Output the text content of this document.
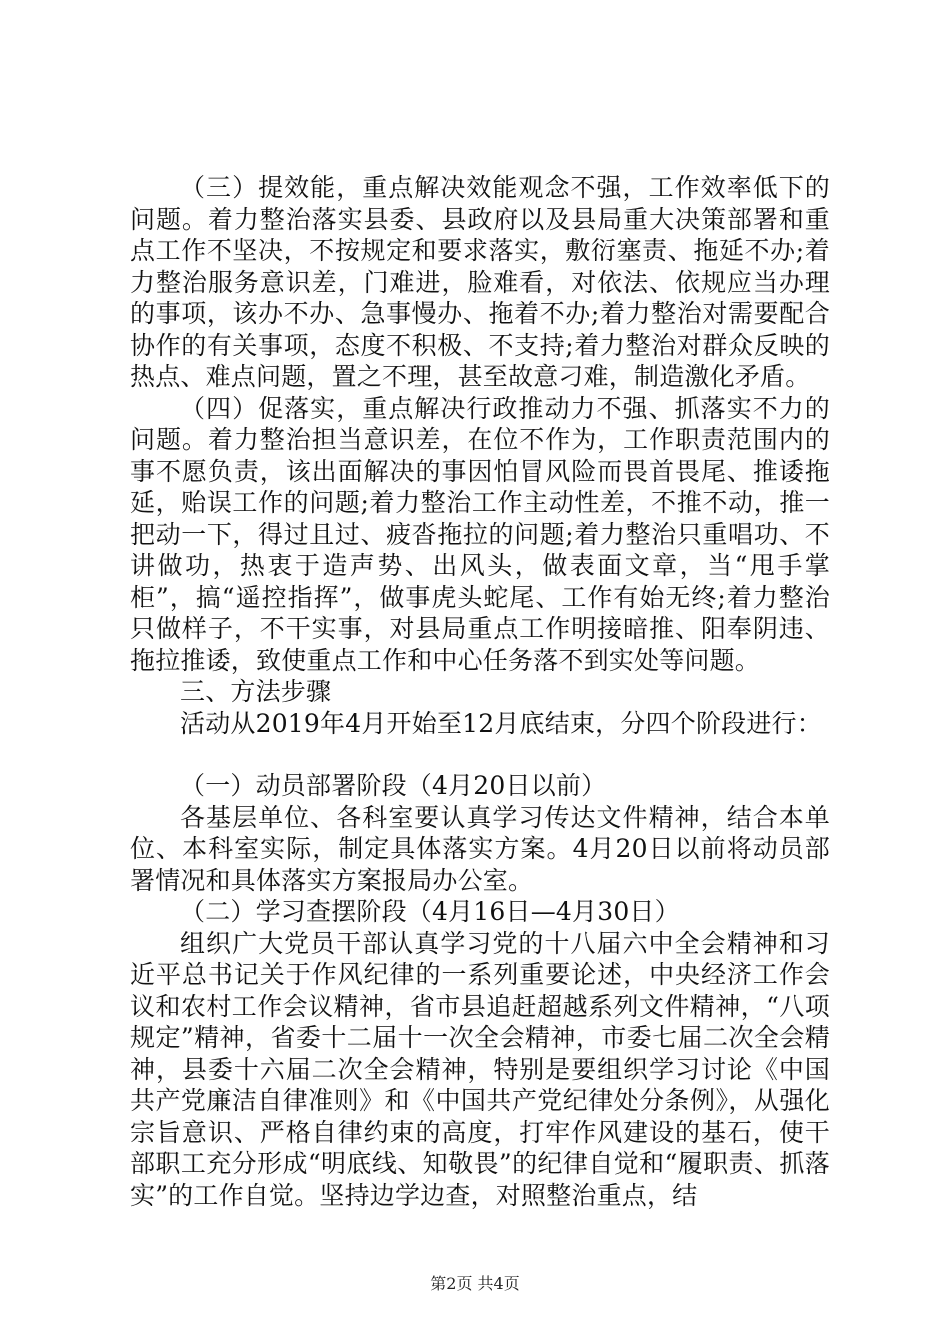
（三）提效能，重点解决效能观念不强，工作效率低下的问题。着力整治落实县委、县政府以及县局重大决策部署和重点工作不坚决，不按规定和要求落实，敷衍塞责、拖延不办;着力整治服务意识差，门难进，脸难看，对依法、依规应当办理的事项，该办不办、急事慢办、拖着不办;着力整治对需要配合协作的有关事项，态度不积极、不支持;着力整治对群众反映的热点、难点问题，置之不理，甚至故意刁难，制造激化矛盾。

（四）促落实，重点解决行政推动力不强、抓落实不力的问题。着力整治担当意识差，在位不作为，工作职责范围内的事不愿负责，该出面解决的事因怕冒风险而畏首畏尾、推诿拖延，贻误工作的问题;着力整治工作主动性差，不推不动，推一把动一下，得过且过、疲沓拖拉的问题;着力整治只重唱功、不讲做功，热衷于造声势、出风头，做表面文章，当“甩手掌柜”，搞“遥控指挥”，做事虎头蛇尾、工作有始无终;着力整治只做样子，不干实事，对县局重点工作明接暗推、阳奉阴违、拖拉推诿，致使重点工作和中心任务落不到实处等问题。

三、方法步骤

活动从2019年4月开始至12月底结束，分四个阶段进行：

（一）动员部署阶段（4月20日以前）

各基层单位、各科室要认真学习传达文件精神，结合本单位、本科室实际，制定具体落实方案。4月20日以前将动员部署情况和具体落实方案报局办公室。

（二）学习查摆阶段（4月16日—4月30日）

组织广大党员干部认真学习党的十八届六中全会精神和习近平总书记关于作风纪律的一系列重要论述，中央经济工作会议和农村工作会议精神，省市县追赶超越系列文件精神，“八项规定”精神，省委十二届十一次全会精神，市委七届二次全会精神，县委十六届二次全会精神，特别是要组织学习讨论《中国共产党廉洁自律准则》和《中国共产党纪律处分条例》，从强化宗旨意识、严格自律约束的高度，打牢作风建设的基石，使干部职工充分形成“明底线、知敬畏”的纪律自觉和“履职责、抓落实”的工作自觉。坚持边学边查，对照整治重点，结

第2页 共4页
